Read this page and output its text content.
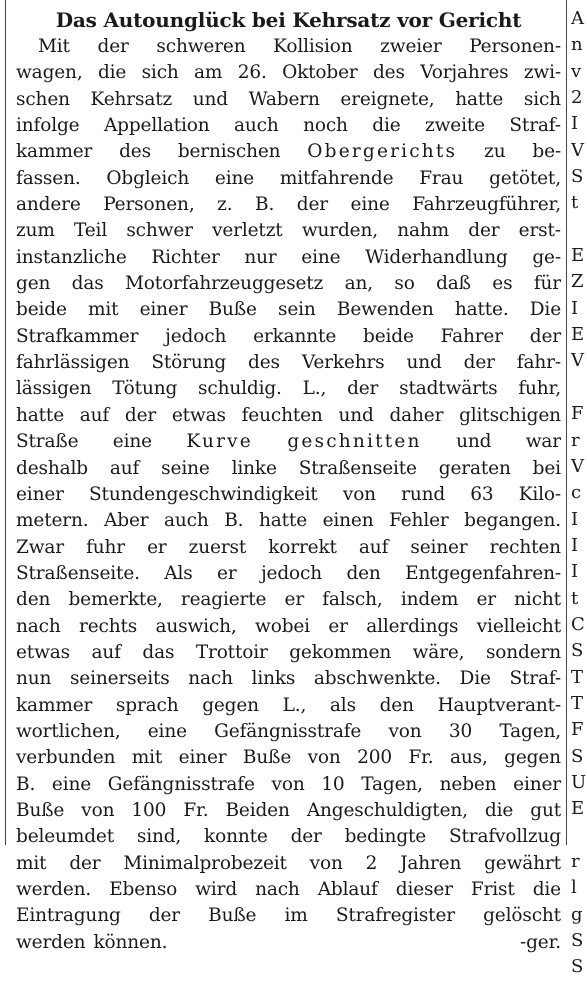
Das Autounglück bei Kehrsatz vor Gericht
Mit der schweren Kollision zweier Personen-
wagen, die sich am 26. Oktober des Vorjahres zwi-
schen Kehrsatz und Wabern ereignete, hatte sich
infolge Appellation auch noch die zweite Straf-
kammer des bernischen Obergerichts zu be-
fassen. Obgleich eine mitfahrende Frau getötet,
andere Personen, z. B. der eine Fahrzeugführer,
zum Teil schwer verletzt wurden, nahm der erst-
instanzliche Richter nur eine Widerhandlung ge-
gen das Motorfahrzeuggesetz an, so daß es für
beide mit einer Buße sein Bewenden hatte. Die
Strafkammer jedoch erkannte beide Fahrer der
fahrlässigen Störung des Verkehrs und der fahr-
lässigen Tötung schuldig. L., der stadtwärts fuhr,
hatte auf der etwas feuchten und daher glitschigen
Straße eine Kurve geschnitten und war
deshalb auf seine linke Straßenseite geraten bei
einer Stundengeschwindigkeit von rund 63 Kilo-
metern. Aber auch B. hatte einen Fehler begangen.
Zwar fuhr er zuerst korrekt auf seiner rechten
Straßenseite. Als er jedoch den Entgegenfahren-
den bemerkte, reagierte er falsch, indem er nicht
nach rechts auswich, wobei er allerdings vielleicht
etwas auf das Trottoir gekommen wäre, sondern
nun seinerseits nach links abschwenkte. Die Straf-
kammer sprach gegen L., als den Hauptverant-
wortlichen, eine Gefängnisstrafe von 30 Tagen,
verbunden mit einer Buße von 200 Fr. aus, gegen
B. eine Gefängnisstrafe von 10 Tagen, neben einer
Buße von 100 Fr. Beiden Angeschuldigten, die gut
beleumdet sind, konnte der bedingte Strafvollzug
mit der Minimalprobezeit von 2 Jahren gewährt
werden. Ebenso wird nach Ablauf dieser Frist die
Eintragung der Buße im Strafregister gelöscht
werden können.	-ger.
A
n
v
2
I
V
S
t
E
Z
I
E
V
F
r
V
c
I
I
I
t
C
S
T
T
F
S
U
E
r
l
g
S
S
